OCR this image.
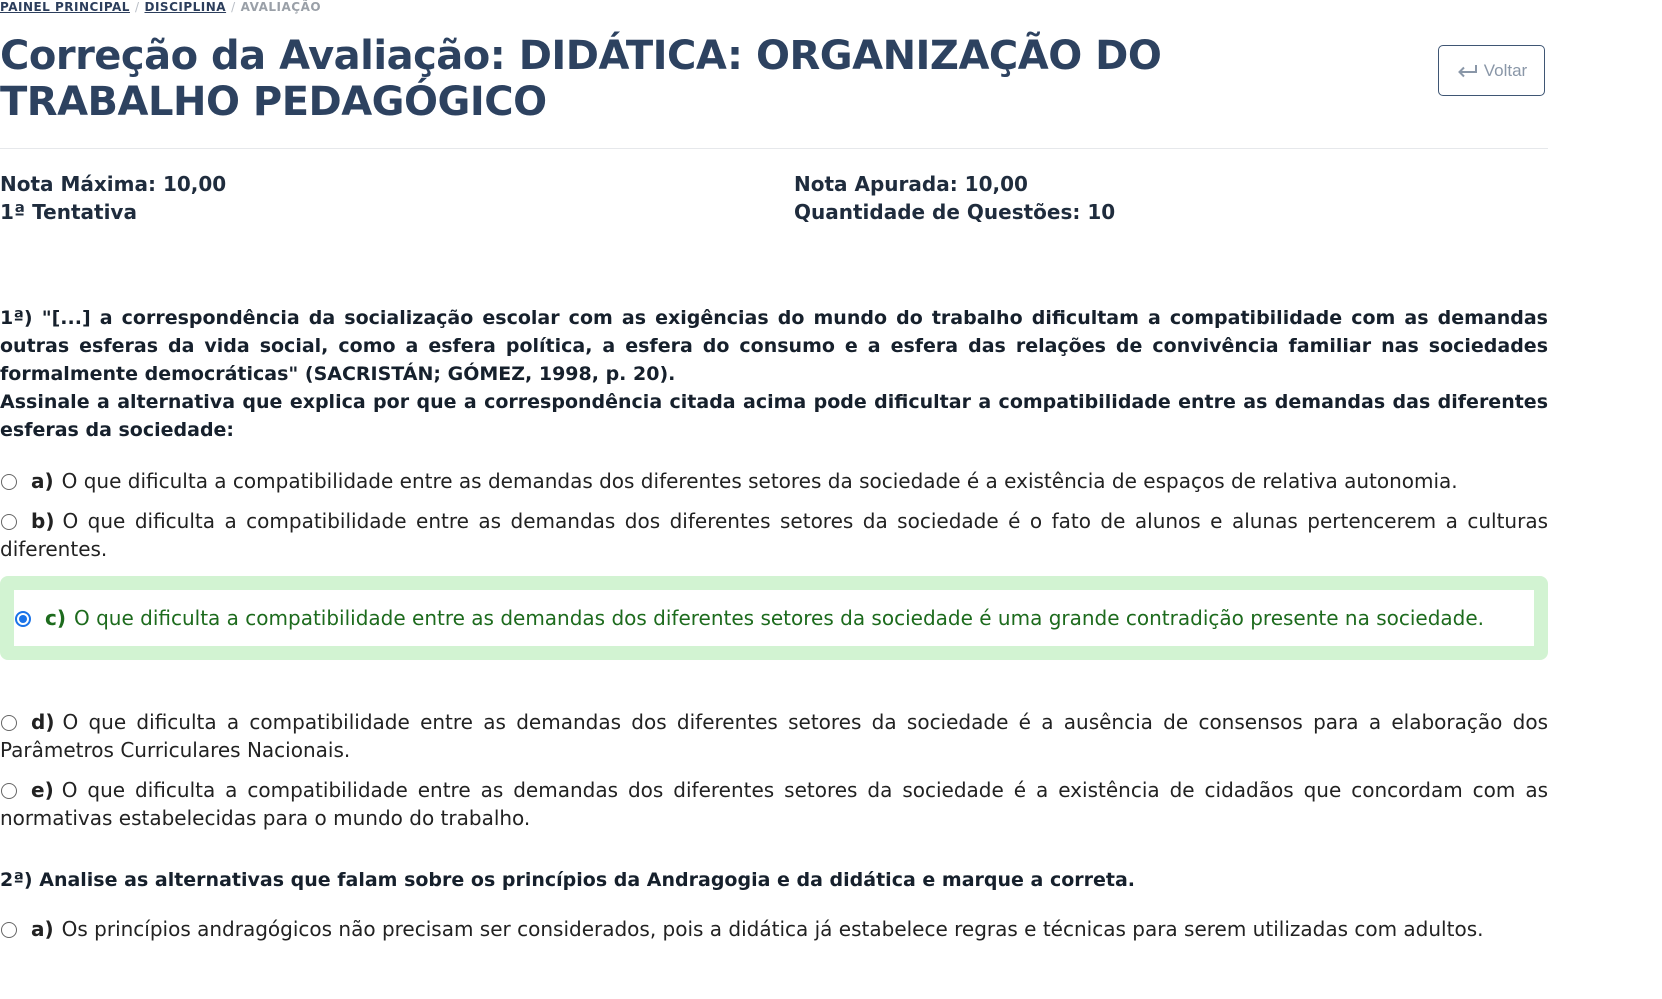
PAINEL PRINCIPAL / DISCIPLINA / AVALIAÇÃO
Correção da Avaliação: DIDÁTICA: ORGANIZAÇÃO DO TRABALHO PEDAGÓGICO
Voltar
Nota Máxima: 10,00
1ª Tentativa
Nota Apurada: 10,00
Quantidade de Questões: 10

1ª) "[...] a correspondência da socialização escolar com as exigências do mundo do trabalho dificultam a compatibilidade com as demandas outras esferas da vida social, como a esfera política, a esfera do consumo e a esfera das relações de convivência familiar nas sociedades formalmente democráticas" (SACRISTÁN; GÓMEZ, 1998, p. 20).

Assinale a alternativa que explica por que a correspondência citada acima pode dificultar a compatibilidade entre as demandas das diferentes esferas da sociedade:

a) O que dificulta a compatibilidade entre as demandas dos diferentes setores da sociedade é a existência de espaços de relativa autonomia.
b) O que dificulta a compatibilidade entre as demandas dos diferentes setores da sociedade é o fato de alunos e alunas pertencerem a culturas diferentes.
c) O que dificulta a compatibilidade entre as demandas dos diferentes setores da sociedade é uma grande contradição presente na sociedade.
d) O que dificulta a compatibilidade entre as demandas dos diferentes setores da sociedade é a ausência de consensos para a elaboração dos Parâmetros Curriculares Nacionais.
e) O que dificulta a compatibilidade entre as demandas dos diferentes setores da sociedade é a existência de cidadãos que concordam com as normativas estabelecidas para o mundo do trabalho.

2ª) Analise as alternativas que falam sobre os princípios da Andragogia e da didática e marque a correta.

a) Os princípios andragógicos não precisam ser considerados, pois a didática já estabelece regras e técnicas para serem utilizadas com adultos.
